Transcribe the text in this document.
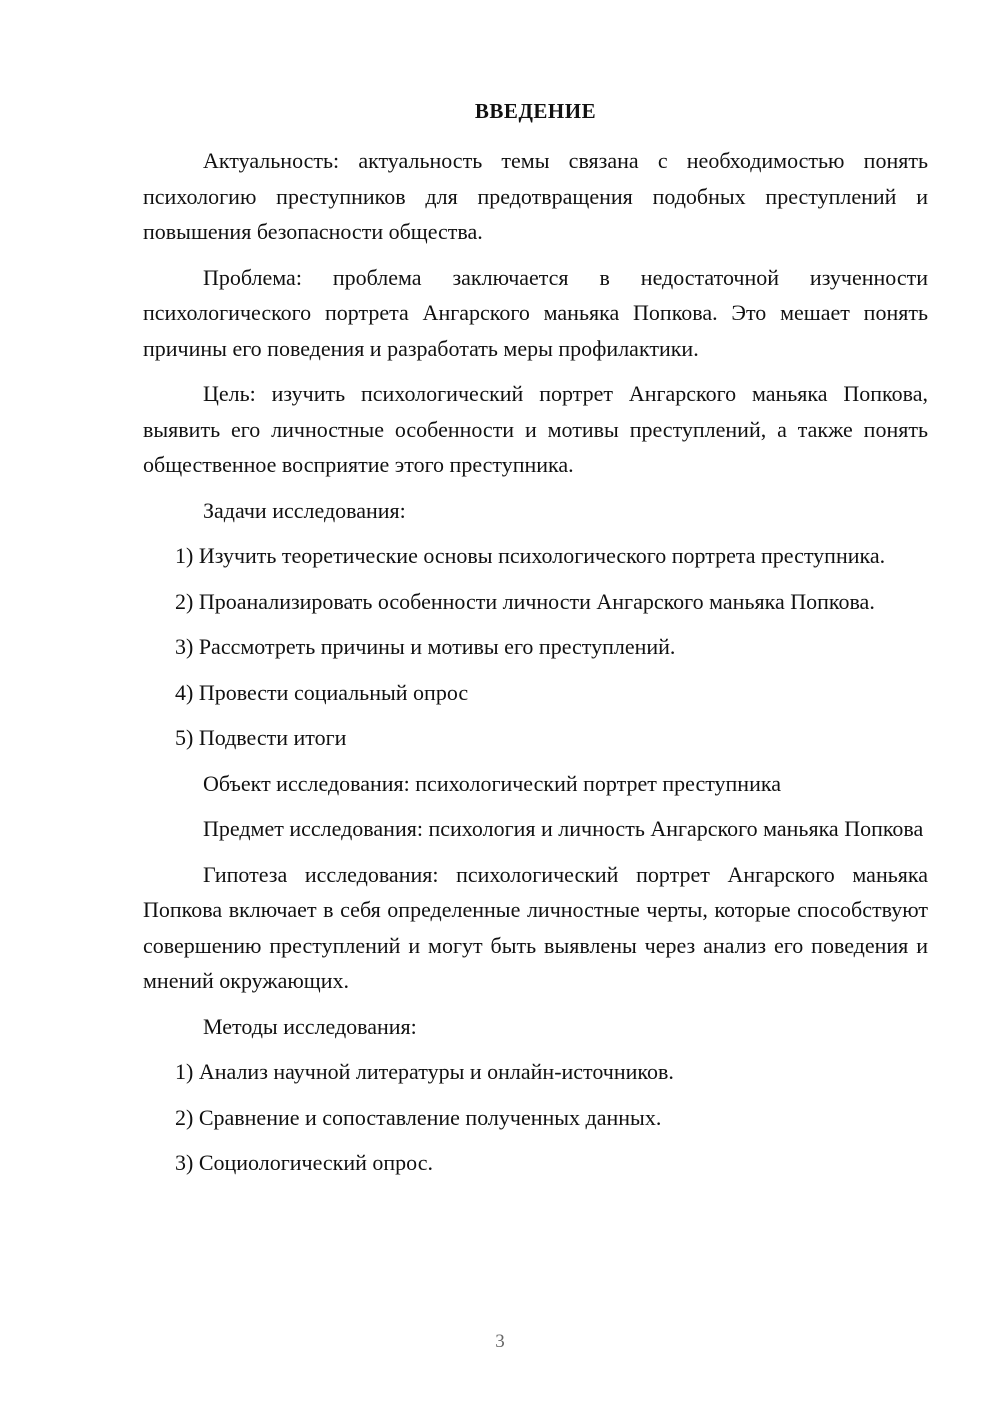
ВВЕДЕНИЕ

Актуальность: актуальность темы связана с необходимостью понять психологию преступников для предотвращения подобных преступлений и повышения безопасности общества.

Проблема: проблема заключается в недостаточной изученности психологического портрета Ангарского маньяка Попкова. Это мешает понять причины его поведения и разработать меры профилактики.

Цель: изучить психологический портрет Ангарского маньяка Попкова, выявить его личностные особенности и мотивы преступлений, а также понять общественное восприятие этого преступника.

Задачи исследования:

1) Изучить теоретические основы психологического портрета преступника.

2) Проанализировать особенности личности Ангарского маньяка Попкова.

3) Рассмотреть причины и мотивы его преступлений.

4) Провести социальный опрос

5) Подвести итоги

Объект исследования: психологический портрет преступника

Предмет исследования: психология и личность Ангарского маньяка Попкова

Гипотеза исследования: психологический портрет Ангарского маньяка Попкова включает в себя определенные личностные черты, которые способствуют совершению преступлений и могут быть выявлены через анализ его поведения и мнений окружающих.

Методы исследования:

1) Анализ научной литературы и онлайн-источников.

2) Сравнение и сопоставление полученных данных.

3) Социологический опрос.

3
